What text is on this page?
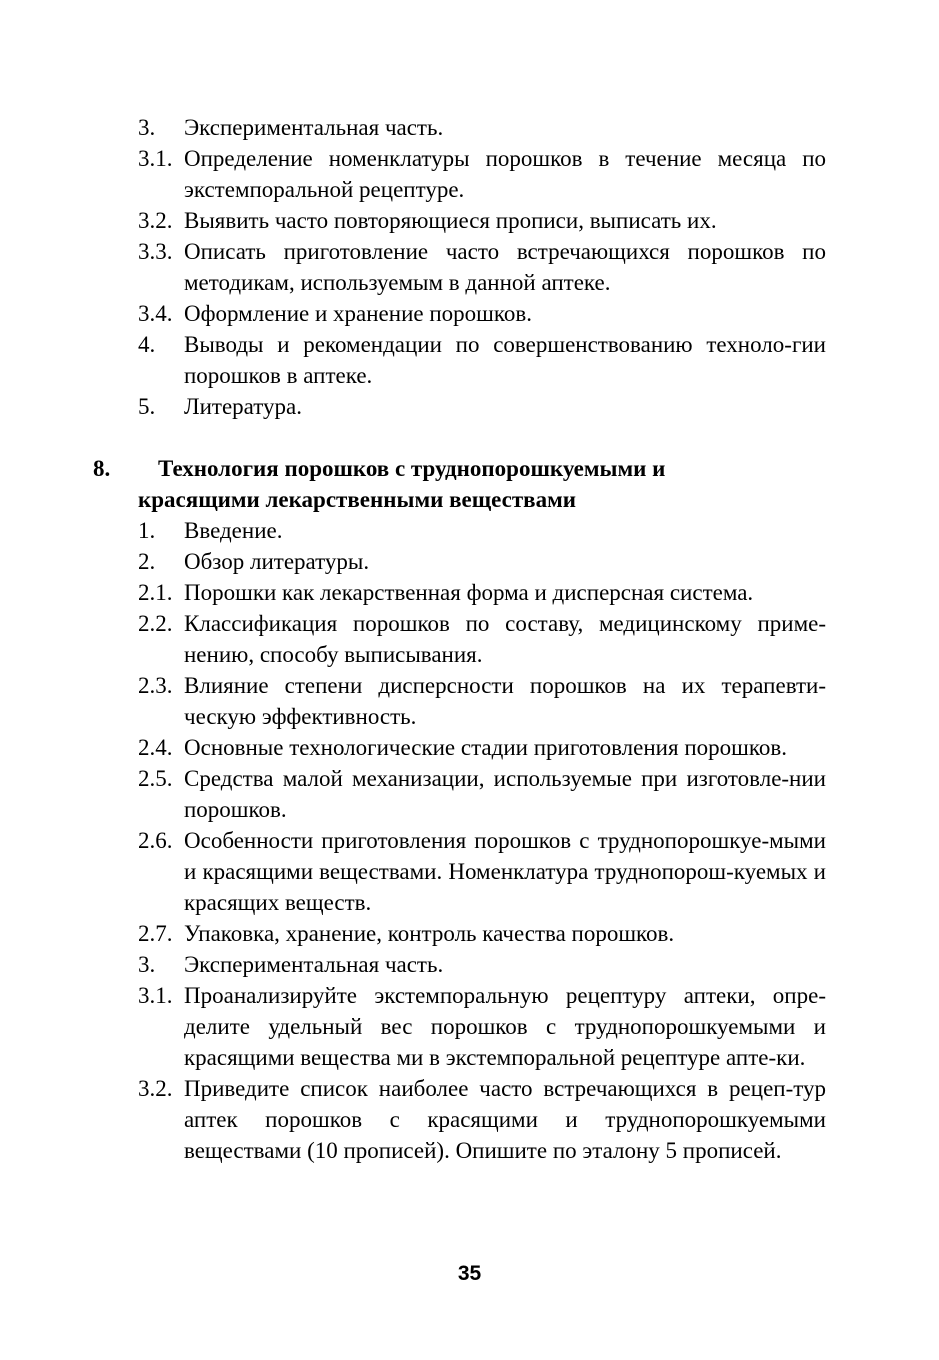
3. Экспериментальная часть.
3.1. Определение номенклатуры порошков в течение месяца по экстемпоральной рецептуре.
3.2. Выявить часто повторяющиеся прописи, выписать их.
3.3. Описать приготовление часто встречающихся порошков по методикам, используемым в данной аптеке.
3.4. Оформление и хранение порошков.
4. Выводы и рекомендации по совершенствованию техноло-гии порошков в аптеке.
5. Литература.
8.	Технология порошков с труднопорошкуемыми и красящими лекарственными веществами
1. Введение.
2. Обзор литературы.
2.1. Порошки как лекарственная форма и дисперсная система.
2.2. Классификация порошков по составу, медицинскому приме-нению, способу выписывания.
2.3. Влияние степени дисперсности порошков на их терапевти-ческую эффективность.
2.4. Основные технологические стадии приготовления порошков.
2.5. Средства малой механизации, используемые при изготовле-нии порошков.
2.6. Особенности приготовления порошков с труднопорошкуе-мыми и красящими веществами. Номенклатура труднопорош-куемых и красящих веществ.
2.7. Упаковка, хранение, контроль качества порошков.
3. Экспериментальная часть.
3.1. Проанализируйте экстемпоральную рецептуру аптеки, опре-делите удельный вес порошков с труднопорошкуемыми и красящими вещества ми в экстемпоральной рецептуре апте-ки.
3.2. Приведите список наиболее часто встречающихся в рецеп-тур аптек порошков с красящими и труднопорошкуемыми веществами (10 прописей). Опишите по эталону 5 прописей.
35
